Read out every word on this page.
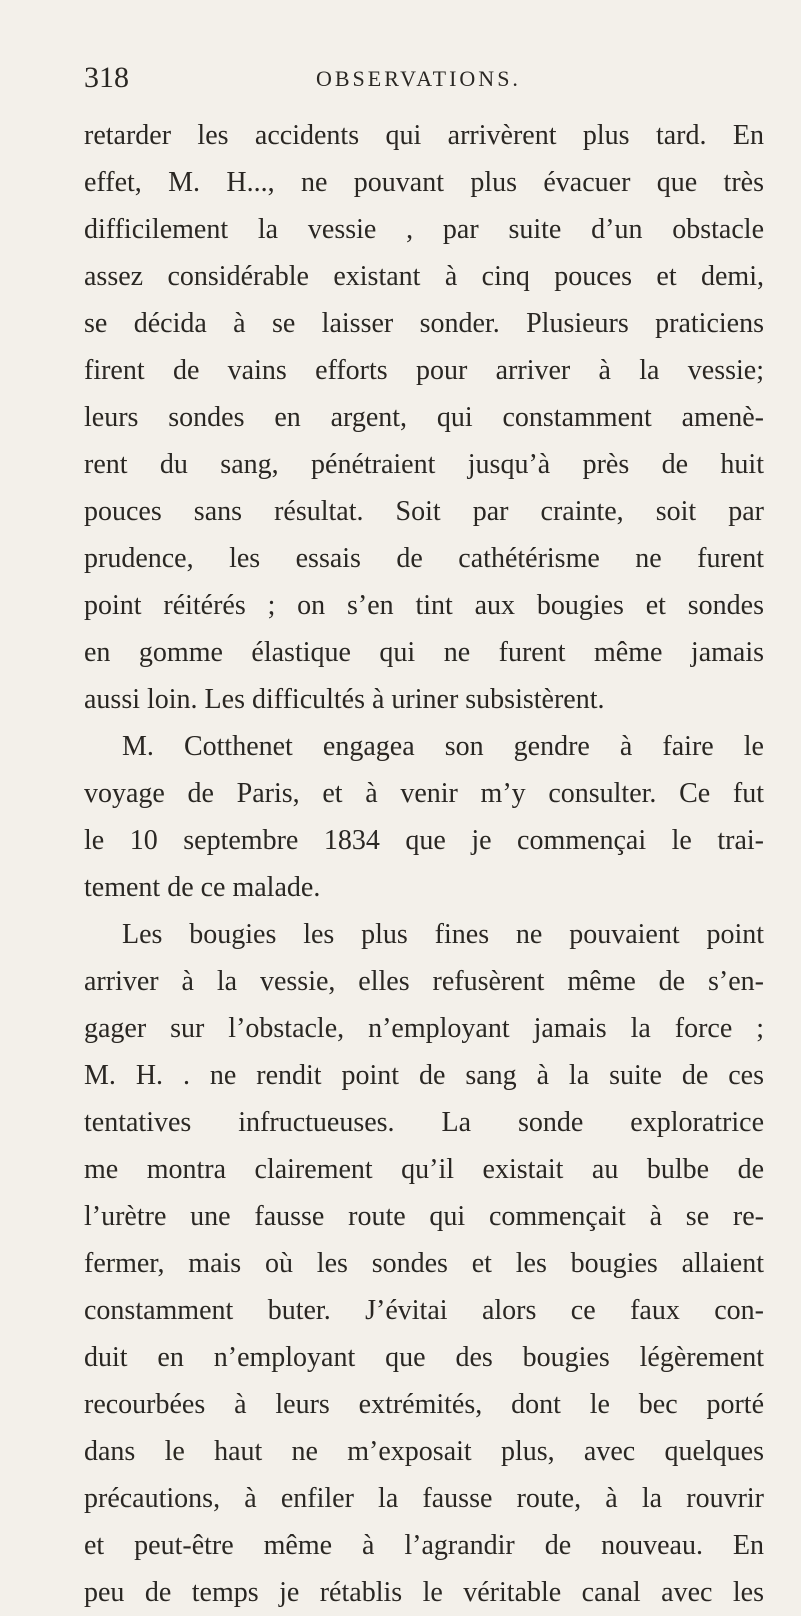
318	OBSERVATIONS.
retarder les accidents qui arrivèrent plus tard. En
effet, M. H..., ne pouvant plus évacuer que très
difficilement la vessie , par suite d’un obstacle
assez considérable existant à cinq pouces et demi,
se décida à se laisser sonder. Plusieurs praticiens
firent de vains efforts pour arriver à la vessie;
leurs sondes en argent, qui constamment amenè-
rent du sang, pénétraient jusqu’à près de huit
pouces sans résultat. Soit par crainte, soit par
prudence, les essais de cathétérisme ne furent
point réitérés ; on s’en tint aux bougies et sondes
en gomme élastique qui ne furent même jamais
aussi loin. Les difficultés à uriner subsistèrent.
M. Cotthenet engagea son gendre à faire le
voyage de Paris, et à venir m’y consulter. Ce fut
le 10 septembre 1834 que je commençai le trai-
tement de ce malade.
Les bougies les plus fines ne pouvaient point
arriver à la vessie, elles refusèrent même de s’en-
gager sur l’obstacle, n’employant jamais la force ;
M. H. . ne rendit point de sang à la suite de ces
tentatives infructueuses. La sonde exploratrice
me montra clairement qu’il existait au bulbe de
l’urètre une fausse route qui commençait à se re-
fermer, mais où les sondes et les bougies allaient
constamment buter. J’évitai alors ce faux con-
duit en n’employant que des bougies légèrement
recourbées à leurs extrémités, dont le bec porté
dans le haut ne m’exposait plus, avec quelques
précautions, à enfiler la fausse route, à la rouvrir
et peut-être même à l’agrandir de nouveau. En
peu de temps je rétablis le véritable canal avec les
